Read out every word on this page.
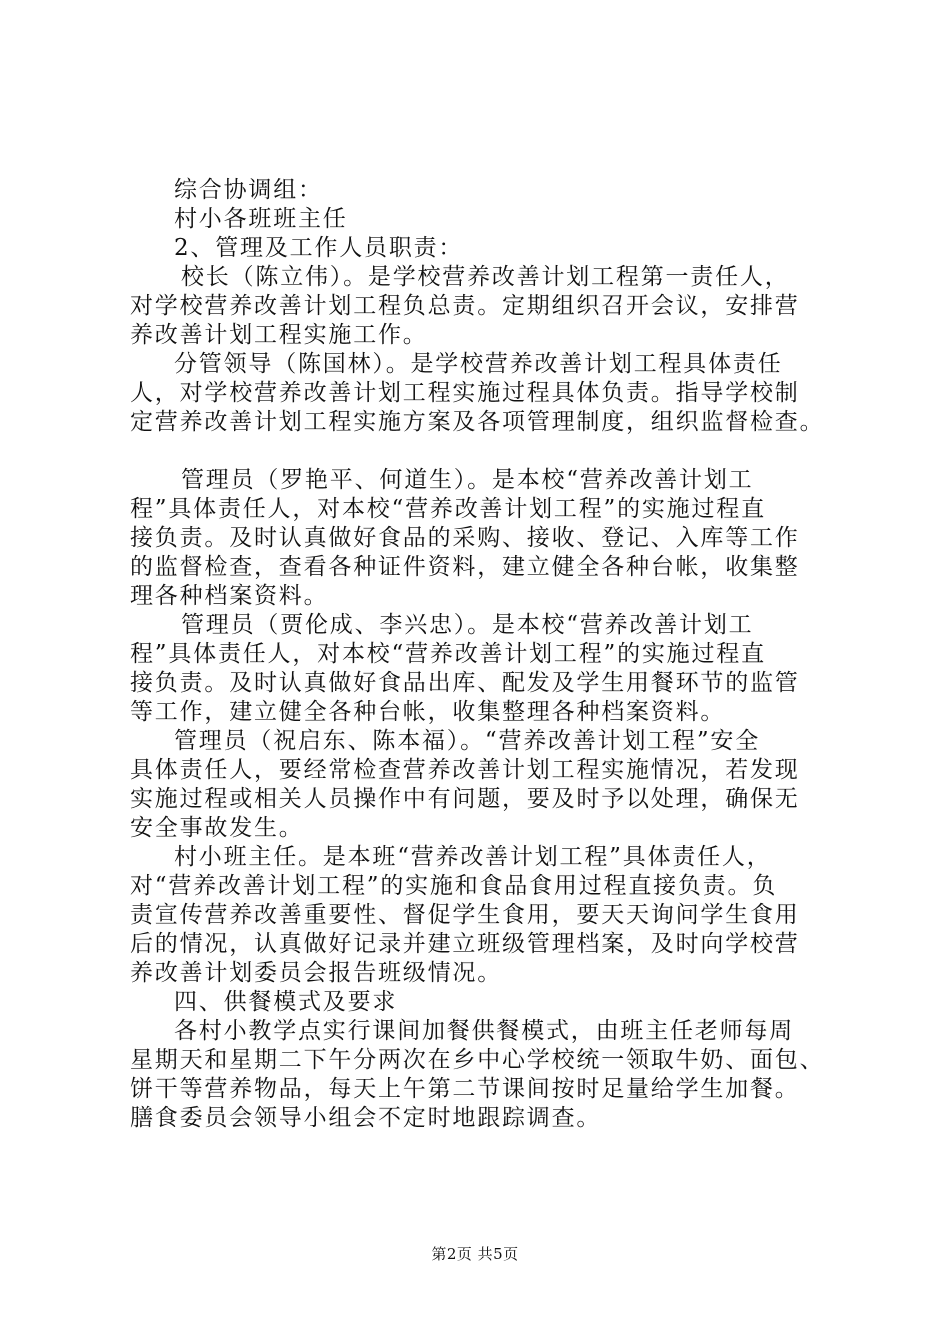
综合协调组：
村小各班班主任
2、管理及工作人员职责：
校长（陈立伟）。是学校营养改善计划工程第一责任人，
对学校营养改善计划工程负总责。定期组织召开会议，安排营
养改善计划工程实施工作。
分管领导（陈国林）。是学校营养改善计划工程具体责任
人，对学校营养改善计划工程实施过程具体负责。指导学校制
定营养改善计划工程实施方案及各项管理制度，组织监督检查。
管理员（罗艳平、何道生）。是本校“营养改善计划工
程”具体责任人，对本校“营养改善计划工程”的实施过程直
接负责。及时认真做好食品的采购、接收、登记、入库等工作
的监督检查，查看各种证件资料，建立健全各种台帐，收集整
理各种档案资料。
管理员（贾伦成、李兴忠）。是本校“营养改善计划工
程”具体责任人，对本校“营养改善计划工程”的实施过程直
接负责。及时认真做好食品出库、配发及学生用餐环节的监管
等工作，建立健全各种台帐，收集整理各种档案资料。
管理员（祝启东、陈本福）。“营养改善计划工程”安全
具体责任人，要经常检查营养改善计划工程实施情况，若发现
实施过程或相关人员操作中有问题，要及时予以处理，确保无
安全事故发生。
村小班主任。是本班“营养改善计划工程”具体责任人，
对“营养改善计划工程”的实施和食品食用过程直接负责。负
责宣传营养改善重要性、督促学生食用，要天天询问学生食用
后的情况，认真做好记录并建立班级管理档案，及时向学校营
养改善计划委员会报告班级情况。
四、供餐模式及要求
各村小教学点实行课间加餐供餐模式，由班主任老师每周
星期天和星期二下午分两次在乡中心学校统一领取牛奶、面包、
饼干等营养物品，每天上午第二节课间按时足量给学生加餐。
膳食委员会领导小组会不定时地跟踪调查。
第2页 共5页
